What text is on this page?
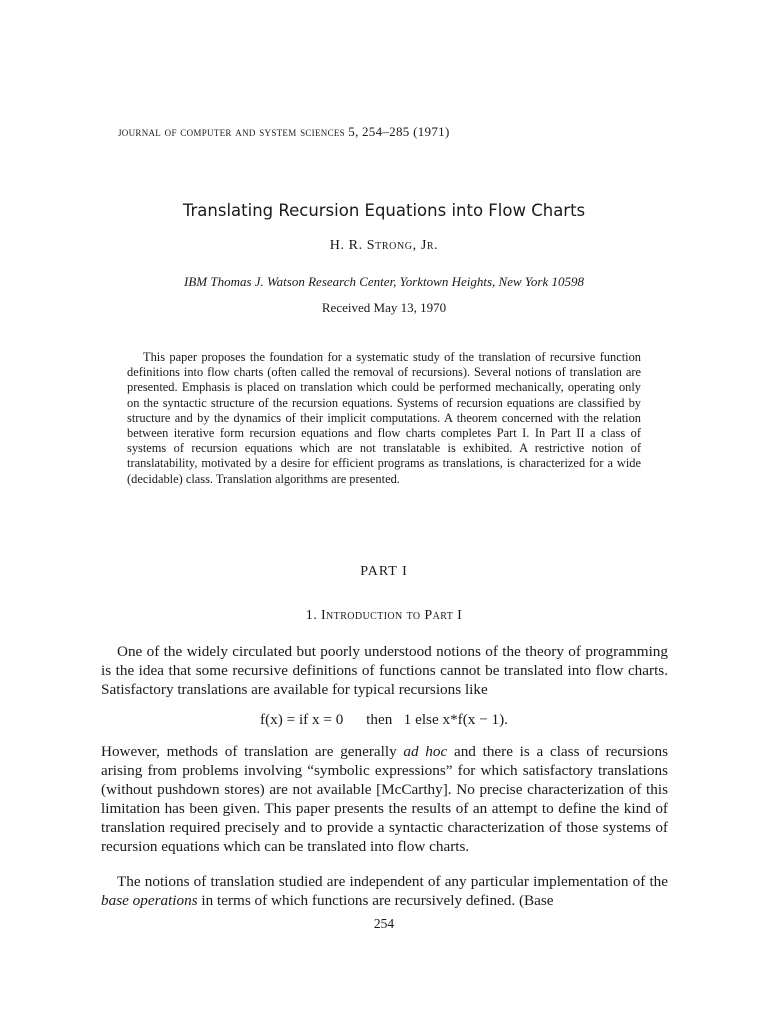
journal of computer and system sciences 5, 254–285 (1971)
Translating Recursion Equations into Flow Charts
H. R. Strong, Jr.
IBM Thomas J. Watson Research Center, Yorktown Heights, New York 10598
Received May 13, 1970

This paper proposes the foundation for a systematic study of the translation of recursive function definitions into flow charts (often called the removal of recursions). Several notions of translation are presented. Emphasis is placed on translation which could be performed mechanically, operating only on the syntactic structure of the recursion equations. Systems of recursion equations are classified by structure and by the dynamics of their implicit computations. A theorem concerned with the relation between iterative form recursion equations and flow charts completes Part I. In Part II a class of systems of recursion equations which are not translatable is exhibited. A restrictive notion of translatability, motivated by a desire for efficient programs as translations, is characterized for a wide (decidable) class. Translation algorithms are presented.

PART I
1. Introduction to Part I

One of the widely circulated but poorly understood notions of the theory of programming is the idea that some recursive definitions of functions cannot be translated into flow charts. Satisfactory translations are available for typical recursions like

f(x) = if x = 0      then   1 else x*f(x − 1).

However, methods of translation are generally ad hoc and there is a class of recursions arising from problems involving “symbolic expressions” for which satisfactory translations (without pushdown stores) are not available [McCarthy]. No precise characterization of this limitation has been given. This paper presents the results of an attempt to define the kind of translation required precisely and to provide a syntactic characterization of those systems of recursion equations which can be translated into flow charts.

The notions of translation studied are independent of any particular implementation of the base operations in terms of which functions are recursively defined. (Base

254
